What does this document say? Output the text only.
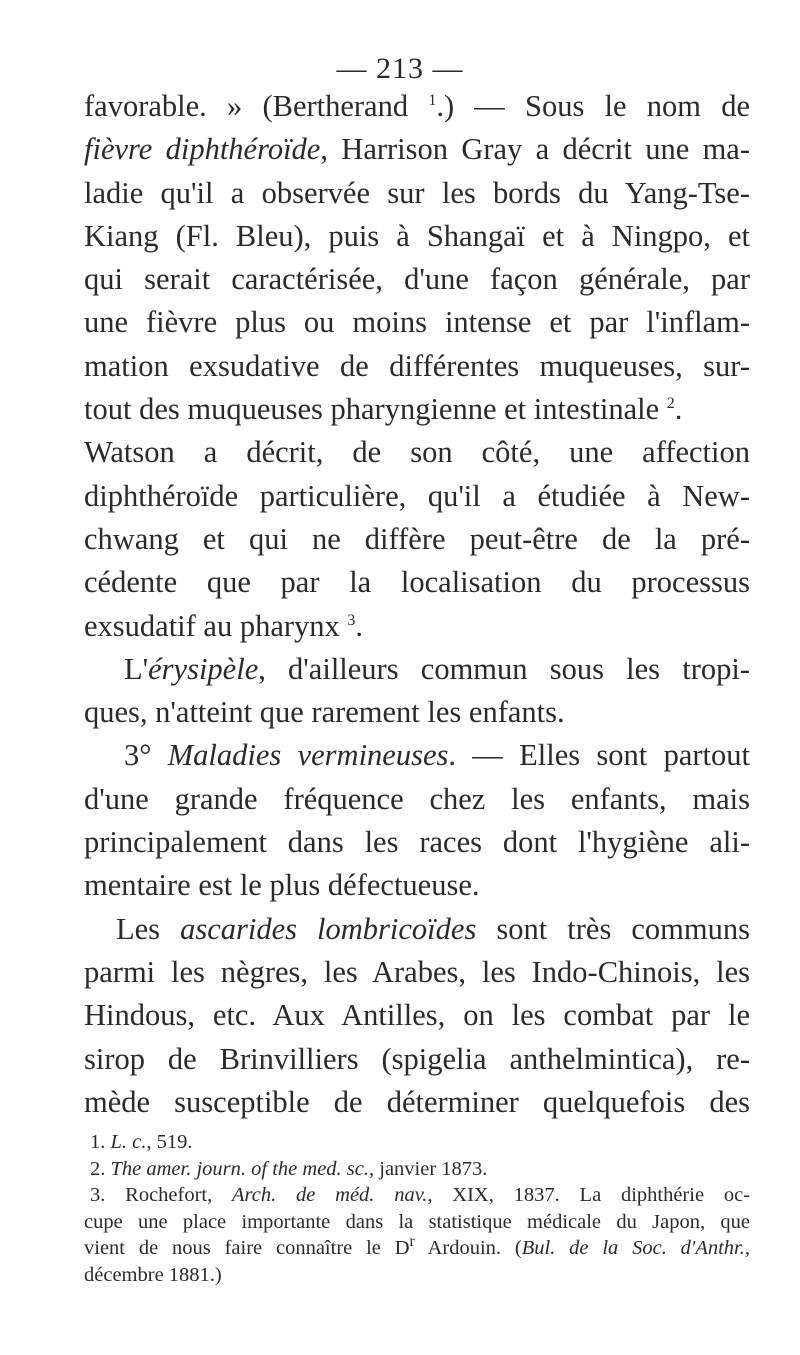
— 213 —
favorable. » (Bertherand $^1$.) — Sous le nom de
fièvre diphthéroïde, Harrison Gray a décrit une ma-
ladie qu'il a observée sur les bords du Yang-Tse-
Kiang (Fl. Bleu), puis à Shangaï et à Ningpo, et
qui serait caractérisée, d'une façon générale, par
une fièvre plus ou moins intense et par l'inflam-
mation exsudative de différentes muqueuses, sur-
tout des muqueuses pharyngienne et intestinale $^2$.
Watson a décrit, de son côté, une affection
diphthéroïde particulière, qu'il a étudiée à New-
chwang et qui ne diffère peut-être de la pré-
cédente que par la localisation du processus
exsudatif au pharynx $^3$.
L'érysipèle, d'ailleurs commun sous les tropi-
ques, n'atteint que rarement les enfants.
3° Maladies vermineuses. — Elles sont partout
d'une grande fréquence chez les enfants, mais
principalement dans les races dont l'hygiène ali-
mentaire est le plus défectueuse.
Les ascarides lombricoïdes sont très communs
parmi les nègres, les Arabes, les Indo-Chinois, les
Hindous, etc. Aux Antilles, on les combat par le
sirop de Brinvilliers (spigelia anthelmintica), re-
mède susceptible de déterminer quelquefois des
1. L. c., 519.
2. The amer. journ. of the med. sc., janvier 1873.
3. Rochefort, Arch. de méd. nav., XIX, 1837. La diphthérie oc-
cupe une place importante dans la statistique médicale du Japon, que
vient de nous faire connaître le $D^r$ Ardouin. (Bul. de la Soc. d'Anthr.,
décembre 1881.)
